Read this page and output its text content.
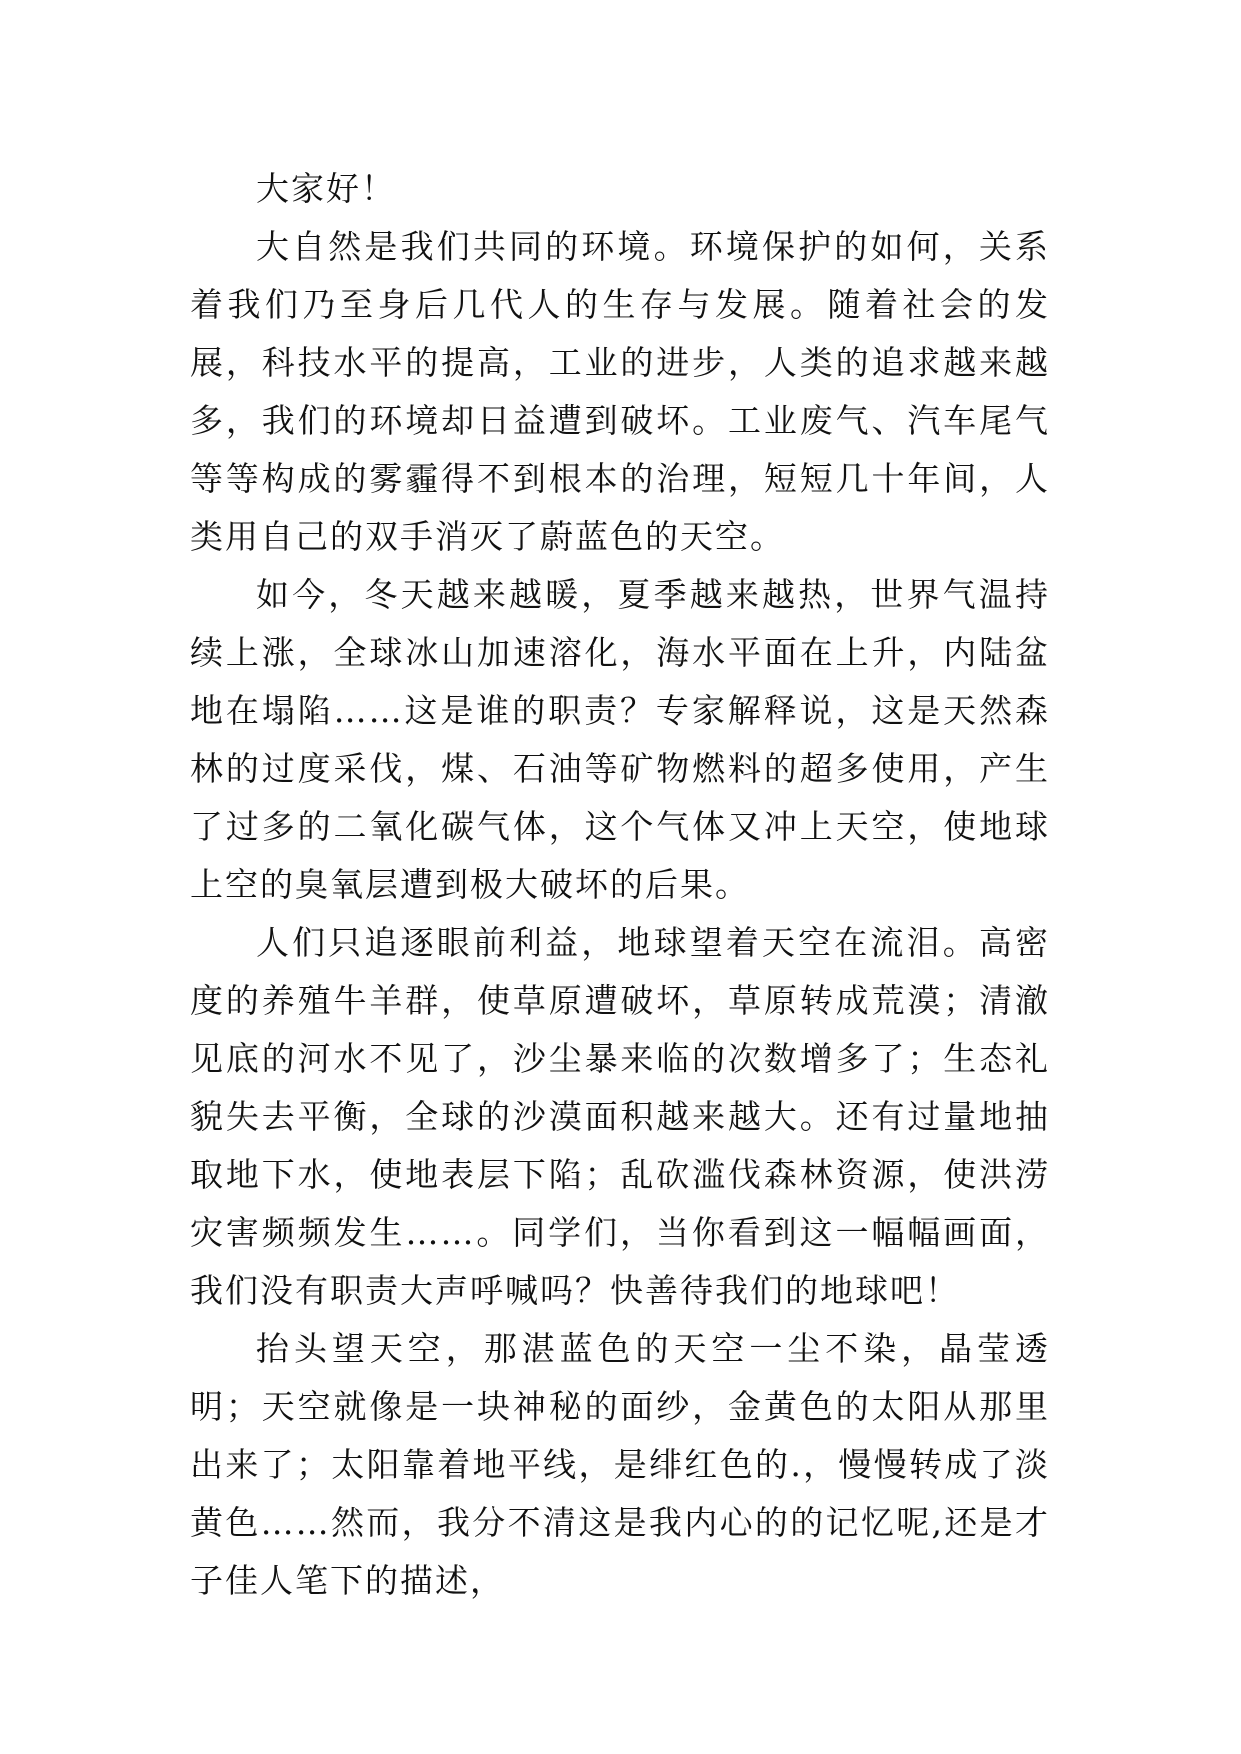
大家好！

大自然是我们共同的环境。环境保护的如何，关系着我们乃至身后几代人的生存与发展。随着社会的发展，科技水平的提高，工业的进步，人类的追求越来越多，我们的环境却日益遭到破坏。工业废气、汽车尾气等等构成的雾霾得不到根本的治理，短短几十年间，人类用自己的双手消灭了蔚蓝色的天空。

如今，冬天越来越暖，夏季越来越热，世界气温持续上涨，全球冰山加速溶化，海水平面在上升，内陆盆地在塌陷……这是谁的职责？专家解释说，这是天然森林的过度采伐，煤、石油等矿物燃料的超多使用，产生了过多的二氧化碳气体，这个气体又冲上天空，使地球上空的臭氧层遭到极大破坏的后果。

人们只追逐眼前利益，地球望着天空在流泪。高密度的养殖牛羊群，使草原遭破坏，草原转成荒漠；清澈见底的河水不见了，沙尘暴来临的次数增多了；生态礼貌失去平衡，全球的沙漠面积越来越大。还有过量地抽取地下水，使地表层下陷；乱砍滥伐森林资源，使洪涝灾害频频发生……。同学们，当你看到这一幅幅画面，我们没有职责大声呼喊吗？快善待我们的地球吧！

抬头望天空，那湛蓝色的天空一尘不染，晶莹透明；天空就像是一块神秘的面纱，金黄色的太阳从那里出来了；太阳靠着地平线，是绯红色的.，慢慢转成了淡黄色……然而，我分不清这是我内心的的记忆呢,还是才子佳人笔下的描述，
